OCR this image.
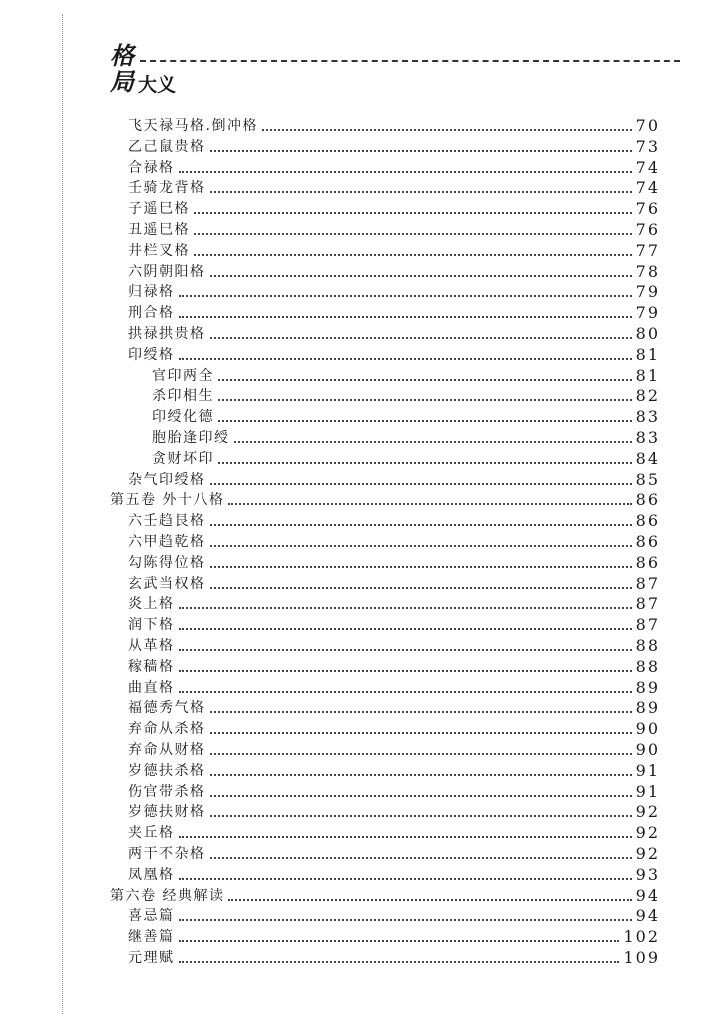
格
局 大义
飞天禄马格.倒冲格	70
乙己鼠贵格	73
合禄格	74
壬骑龙背格	74
子遥巳格	76
丑遥巳格	76
井栏叉格	77
六阴朝阳格	78
归禄格	79
刑合格	79
拱禄拱贵格	80
印绶格	81
官印两全	81
杀印相生	82
印绶化德	83
胞胎逢印绶	83
贪财坏印	84
杂气印绶格	85
第五卷 外十八格	86
六壬趋艮格	86
六甲趋乾格	86
勾陈得位格	86
玄武当权格	87
炎上格	87
润下格	87
从革格	88
稼穑格	88
曲直格	89
福德秀气格	89
弃命从杀格	90
弃命从财格	90
岁德扶杀格	91
伤官带杀格	91
岁德扶财格	92
夹丘格	92
两干不杂格	92
凤凰格	93
第六卷 经典解读	94
喜忌篇	94
继善篇	102
元理赋	109
